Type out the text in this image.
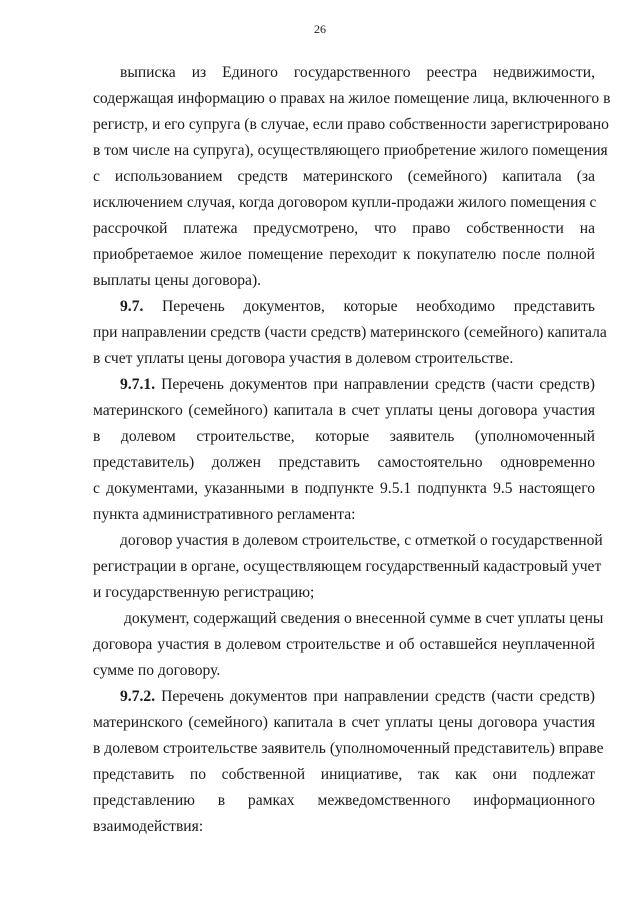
26
выписка из Единого государственного реестра недвижимости,
содержащая информацию о правах на жилое помещение лица, включенного в
регистр, и его супруга (в случае, если право собственности зарегистрировано
в том числе на супруга), осуществляющего приобретение жилого помещения
с использованием средств материнского (семейного) капитала (за
исключением случая, когда договором купли-продажи жилого помещения с
рассрочкой платежа предусмотрено, что право собственности на
приобретаемое жилое помещение переходит к покупателю после полной
выплаты цены договора).
9.7. Перечень документов, которые необходимо представить
при направлении средств (части средств) материнского (семейного) капитала
в счет уплаты цены договора участия в долевом строительстве.
9.7.1. Перечень документов при направлении средств (части средств)
материнского (семейного) капитала в счет уплаты цены договора участия
в долевом строительстве, которые заявитель (уполномоченный
представитель) должен представить самостоятельно одновременно
с документами, указанными в подпункте 9.5.1 подпункта 9.5 настоящего
пункта административного регламента:
договор участия в долевом строительстве, с отметкой о государственной
регистрации в органе, осуществляющем государственный кадастровый учет
и государственную регистрацию;
документ, содержащий сведения о внесенной сумме в счет уплаты цены
договора участия в долевом строительстве и об оставшейся неуплаченной
сумме по договору.
9.7.2. Перечень документов при направлении средств (части средств)
материнского (семейного) капитала в счет уплаты цены договора участия
в долевом строительстве заявитель (уполномоченный представитель) вправе
представить по собственной инициативе, так как они подлежат
представлению в рамках межведомственного информационного
взаимодействия:
